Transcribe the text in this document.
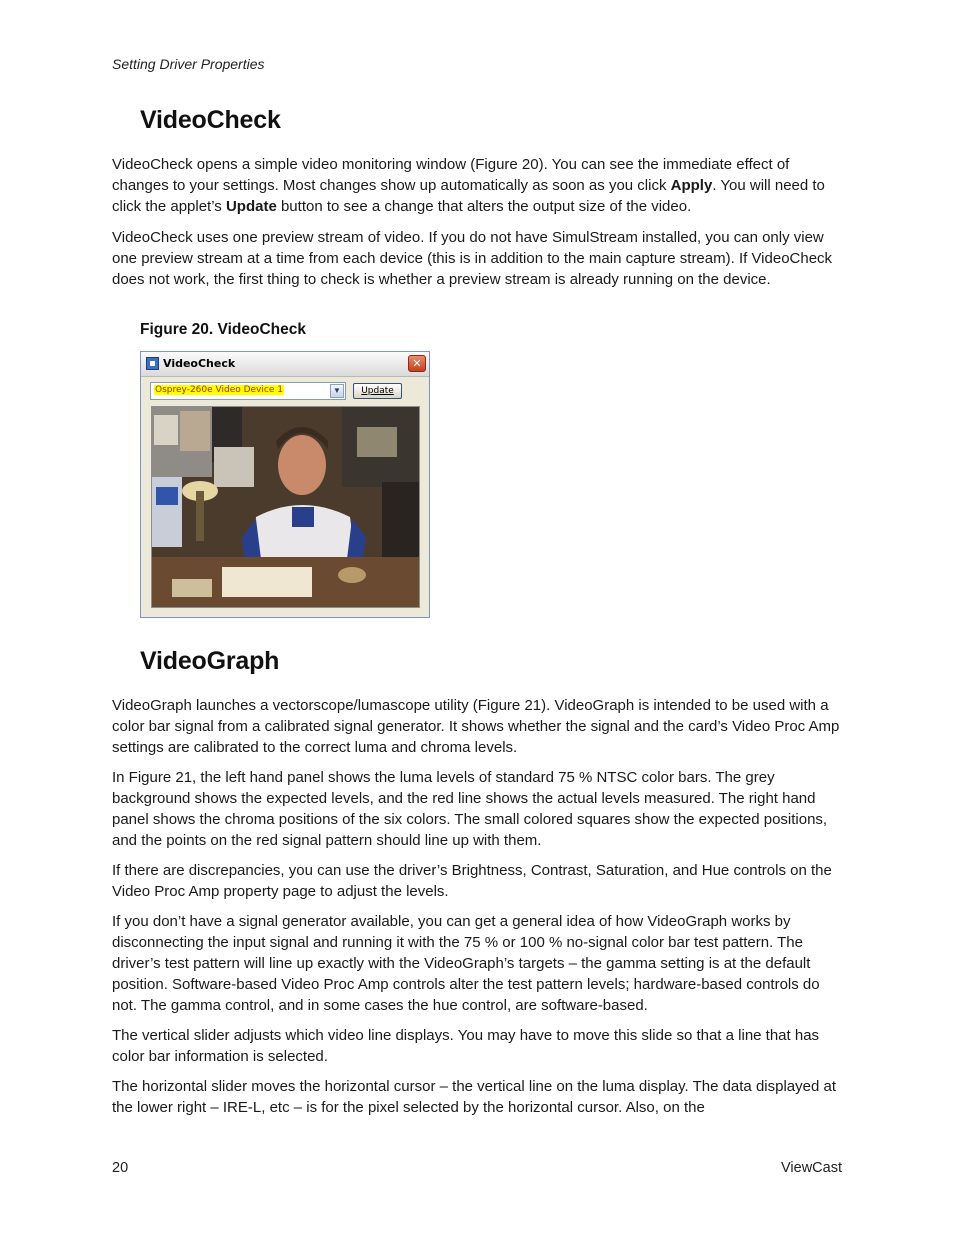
Setting Driver Properties
VideoCheck

VideoCheck opens a simple video monitoring window (Figure 20). You can see the immediate effect of changes to your settings. Most changes show up automatically as soon as you click Apply. You will need to click the applet’s Update button to see a change that alters the output size of the video.

VideoCheck uses one preview stream of video. If you do not have SimulStream installed, you can only view one preview stream at a time from each device (this is in addition to the main capture stream). If VideoCheck does not work, the first thing to check is whether a preview stream is already running on the device.

Figure 20. VideoCheck
VideoCheck	✕
Osprey-260e Video Device 1	▼	Update
VideoGraph

VideoGraph launches a vectorscope/lumascope utility (Figure 21). VideoGraph is intended to be used with a color bar signal from a calibrated signal generator. It shows whether the signal and the card’s Video Proc Amp settings are calibrated to the correct luma and chroma levels.

In Figure 21, the left hand panel shows the luma levels of standard 75 % NTSC color bars. The grey background shows the expected levels, and the red line shows the actual levels measured. The right hand panel shows the chroma positions of the six colors. The small colored squares show the expected positions, and the points on the red signal pattern should line up with them.

If there are discrepancies, you can use the driver’s Brightness, Contrast, Saturation, and Hue controls on the Video Proc Amp property page to adjust the levels.

If you don’t have a signal generator available, you can get a general idea of how VideoGraph works by disconnecting the input signal and running it with the 75 % or 100 % no-signal color bar test pattern. The driver’s test pattern will line up exactly with the VideoGraph’s targets – the gamma setting is at the default position. Software-based Video Proc Amp controls alter the test pattern levels; hardware-based controls do not. The gamma control, and in some cases the hue control, are software-based.

The vertical slider adjusts which video line displays. You may have to move this slide so that a line that has color bar information is selected.

The horizontal slider moves the horizontal cursor – the vertical line on the luma display. The data displayed at the lower right – IRE-L, etc – is for the pixel selected by the horizontal cursor. Also, on the

20	ViewCast
